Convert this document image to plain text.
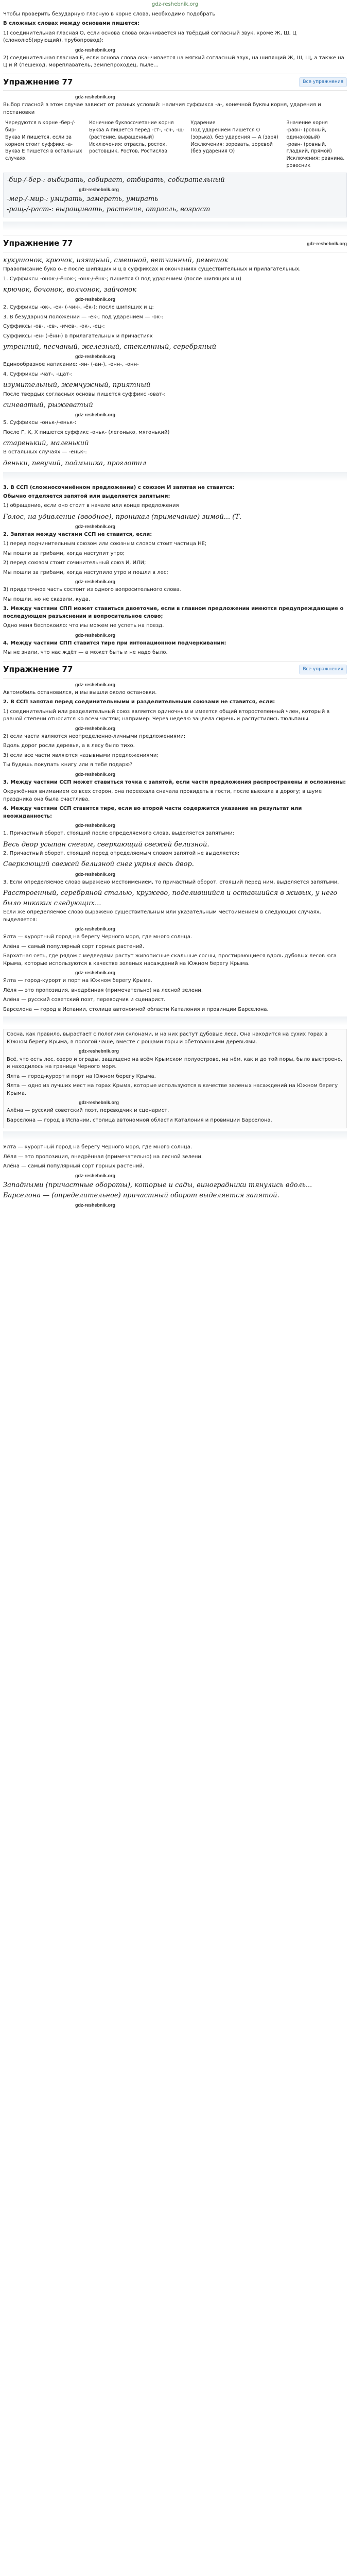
gdz-reshebnik.org

Чтобы проверить безударную гласную в корне слова, необходимо подобрать

В сложных словах между основами пишется:

1) соединительная гласная О, если основа слова оканчивается на твёрдый согласный звук, кроме Ж, Ш, Ц (слонолюб(ирующий), трубопровод);

gdz-reshebnik.org

2) соединительная гласная Е, если основа слова оканчивается на мягкий согласный звук, на шипящий Ж, Ш, Щ, а также на Ц и Й (пешеход, мореплаватель, землепроходец, пыле…

Упражнение 77	Все упражнения
gdz-reshebnik.org

Выбор гласной в этом случае зависит от разных условий: наличия суффикса -а-, конечной буквы корня, ударения и постановки

Чередуются в корне -бер-/-бир-
Буква И пишется, если за корнем стоит суффикс -а-
Буква Е пишется в остальных случаях

Конечное буквосочетание корня
Буква А пишется перед -ст-, -сч-, -щ- (растение, выращенный)
Исключения: отрасль, росток, ростовщик, Ростов, Ростислав

Ударение
Под ударением пишется О (зорька), без ударения — А (заря)
Исключения: зоревать, зоревой (без ударения О)

Значение корня
-равн- (ровный, одинаковый)
-ровн- (ровный, гладкий, прямой)
Исключения: равнина, ровесник
-бир-/-бер-: выбирать, собирает, отбирать, собирательный
gdz-reshebnik.org
-мер-/-мир-: умирать, замереть, умирать
-ращ-/-раст-: выращивать, растение, отрасль, возраст
Упражнение 77	gdz-reshebnik.org
кукушонок, крючок, изящный, смешной, ветчинный, ремешок

Правописание букв о–е после шипящих и ц в суффиксах и окончаниях существительных и прилагательных.

1. Суффиксы -онок-/-ёнок-; -онк-/-ёнк-; пишется О под ударением (после шипящих и ц)

крючок, бочонок, волчонок, зайчонок
gdz-reshebnik.org

2. Суффиксы -ок-, -ек- (-чик-, -ёк-): после шипящих и ц:

3. В безударном положении — -ек-; под ударением — -ок-:

Суффиксы -ов-, -ев-, -ичев-, -ок-, -ец-:

Суффиксы -ен- (-ённ-) в прилагательных и причастиях

утренний, песчаный, железный, стеклянный, серебряный
gdz-reshebnik.org

Единообразное написание: -ян- (-ан-), -енн-, -онн-

4. Суффиксы -чат-, -щат-:

изумительный, жемчужный, приятный

После твердых согласных основы пишется суффикс -оват-:

синеватый, рыжеватый
gdz-reshebnik.org

5. Суффиксы -оньк-/-еньк-:

После Г, К, Х пишется суффикс -оньк- (легонько, мягонький)

старенький, маленький

В остальных случаях — -еньк-:

деньки, певучий, подмышка, проглотил

3. В ССП (сложносочинённом предложении) с союзом И запятая не ставится:

Обычно отделяется запятой или выделяется запятыми:

1) обращение, если оно стоит в начале или конце предложения

Голос, на удивление (вводное), проникал (примечание) зимой... (Т.
gdz-reshebnik.org

2. Запятая между частями ССП не ставится, если:

1) перед подчинительным союзом или союзным словом стоит частица НЕ;

Мы пошли за грибами, когда наступит утро;

2) перед союзом стоит сочинительный союз И, ИЛИ;

Мы пошли за грибами, когда наступило утро и пошли в лес;

gdz-reshebnik.org

3) придаточное часть состоит из одного вопросительного слова.

Мы пошли, но не сказали, куда.

3. Между частями СПП может ставиться двоеточие, если в главном предложении имеются предупреждающие о последующем разъяснении и вопросительное слово;

Одно меня беспокоило: что мы можем не успеть на поезд.

gdz-reshebnik.org

4. Между частями СПП ставится тире при интонационном подчеркивании:

Мы не знали, что нас ждёт — а может быть и не надо было.

Упражнение 77	Все упражнения
gdz-reshebnik.org

Автомобиль остановился, и мы вышли около остановки.

2. В ССП запятая перед соединительными и разделительными союзами не ставится, если:

1) соединительный или разделительный союз является одиночным и имеется общий второстепенный член, который в равной степени относится ко всем частям; например: Через неделю зацвела сирень и распустились тюльпаны.

gdz-reshebnik.org

2) если части являются неопределенно-личными предложениями:

Вдоль дорог росли деревья, а в лесу было тихо.

3) если все части являются назывными предложениями;

Ты будешь покупать книгу или я тебе подарю?

gdz-reshebnik.org

3. Между частями ССП может ставиться точка с запятой, если части предложения распространены и осложнены:

Окружённая вниманием со всех сторон, она переехала сначала провидеть в гости, после выехала в дорогу; в шуме праздника она была счастлива.

4. Между частями ССП ставится тире, если во второй части содержится указание на результат или неожиданность:

gdz-reshebnik.org

1. Причастный оборот, стоящий после определяемого слова, выделяется запятыми:

Весь двор усыпан снегом, сверкающий свежей белизной.

2. Причастный оборот, стоящий перед определяемым словом запятой не выделяется:

Сверкающий свежей белизной снег укрыл весь двор.
gdz-reshebnik.org

3. Если определяемое слово выражено местоимением, то причастный оборот, стоящий перед ним, выделяется запятыми.

Расстроенный, серебряной сталью, кружево, поделившийся и оставшийся в живых, у него было никаких следующих...

Если же определяемое слово выражено существительным или указательным местоимением в следующих случаях, выделяется:

gdz-reshebnik.org

Ялта — курортный город на берегу Черного моря, где много солнца.

Алёна — самый популярный сорт горных растений.

Бархатная сеть, где рядом с медведями растут живописные скальные сосны, простирающиеся вдоль дубовых лесов юга Крыма, которые используются в качестве зеленых насаждений на Южном берегу Крыма.

gdz-reshebnik.org

Ялта — город-курорт и порт на Южном берегу Крыма.

Лёля — это пропозиция, внедрённая (примечательно) на лесной зелени.

Алёна — русский советский поэт, переводчик и сценарист.

Барселона — город в Испании, столица автономной области Каталония и провинции Барселона.

Сосна, как правило, вырастает с пологими склонами, и на них растут дубовые леса. Она находится на сухих горах в Южном берегу Крыма, в пологой чаше, вместе с рощами горы и обетованными деревьями.

gdz-reshebnik.org

Всё, что есть лес, озеро и ограды, защищено на всём Крымском полуострове, на нём, как и до той поры, было выстроено, и находилось на границе Черного моря.

Ялта — город-курорт и порт на Южном берегу Крыма.

Ялта — одно из лучших мест на горах Крыма, которые используются в качестве зеленых насаждений на Южном берегу Крыма.

gdz-reshebnik.org

Алёна — русский советский поэт, переводчик и сценарист.

Барселона — город в Испании, столица автономной области Каталония и провинции Барселона.

Ялта — курортный город на берегу Черного моря, где много солнца.

Лёля — это пропозиция, внедрённая (примечательно) на лесной зелени.

Алёна — самый популярный сорт горных растений.

gdz-reshebnik.org
Западными (причастные обороты), которые и сады, виноградники тянулись вдоль...
Барселона — (определительное) причастный оборот выделяется запятой.
gdz-reshebnik.org
